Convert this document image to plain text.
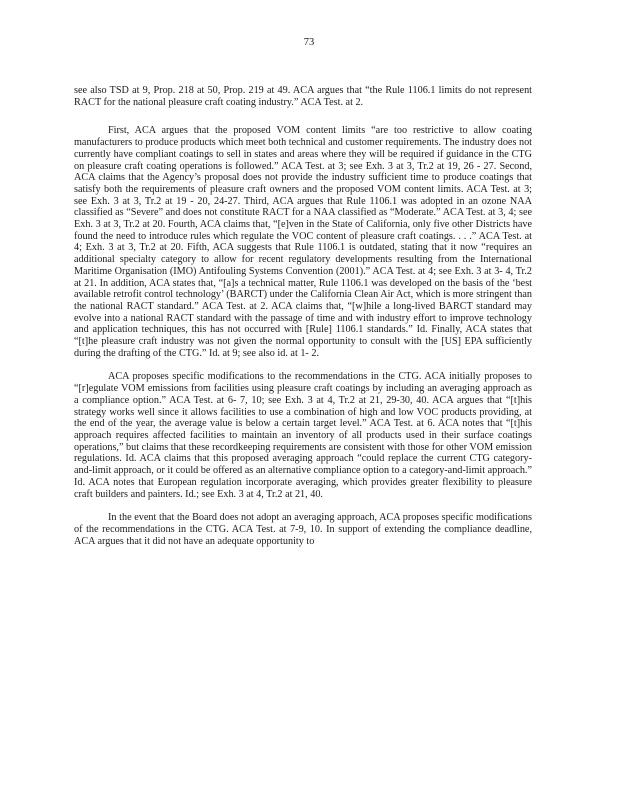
73

see also TSD at 9, Prop. 218 at 50, Prop. 219 at 49. ACA argues that “the Rule 1106.1 limits do not represent RACT for the national pleasure craft coating industry.” ACA Test. at 2.

First, ACA argues that the proposed VOM content limits “are too restrictive to allow coating manufacturers to produce products which meet both technical and customer requirements. The industry does not currently have compliant coatings to sell in states and areas where they will be required if guidance in the CTG on pleasure craft coating operations is followed.” ACA Test. at 3; see Exh. 3 at 3, Tr.2 at 19, 26 - 27. Second, ACA claims that the Agency’s proposal does not provide the industry sufficient time to produce coatings that satisfy both the requirements of pleasure craft owners and the proposed VOM content limits. ACA Test. at 3; see Exh. 3 at 3, Tr.2 at 19 - 20, 24-27. Third, ACA argues that Rule 1106.1 was adopted in an ozone NAA classified as “Severe” and does not constitute RACT for a NAA classified as “Moderate.” ACA Test. at 3, 4; see Exh. 3 at 3, Tr.2 at 20. Fourth, ACA claims that, “[e]ven in the State of California, only five other Districts have found the need to introduce rules which regulate the VOC content of pleasure craft coatings. . . .” ACA Test. at 4; Exh. 3 at 3, Tr.2 at 20. Fifth, ACA suggests that Rule 1106.1 is outdated, stating that it now “requires an additional specialty category to allow for recent regulatory developments resulting from the International Maritime Organisation (IMO) Antifouling Systems Convention (2001).” ACA Test. at 4; see Exh. 3 at 3- 4, Tr.2 at 21. In addition, ACA states that, “[a]s a technical matter, Rule 1106.1 was developed on the basis of the ‘best available retrofit control technology’ (BARCT) under the California Clean Air Act, which is more stringent than the national RACT standard.” ACA Test. at 2. ACA claims that, “[w]hile a long-lived BARCT standard may evolve into a national RACT standard with the passage of time and with industry effort to improve technology and application techniques, this has not occurred with [Rule] 1106.1 standards.” Id. Finally, ACA states that “[t]he pleasure craft industry was not given the normal opportunity to consult with the [US] EPA sufficiently during the drafting of the CTG.” Id. at 9; see also id. at 1- 2.

ACA proposes specific modifications to the recommendations in the CTG. ACA initially proposes to “[r]egulate VOM emissions from facilities using pleasure craft coatings by including an averaging approach as a compliance option.” ACA Test. at 6- 7, 10; see Exh. 3 at 4, Tr.2 at 21, 29-30, 40. ACA argues that “[t]his strategy works well since it allows facilities to use a combination of high and low VOC products providing, at the end of the year, the average value is below a certain target level.” ACA Test. at 6. ACA notes that “[t]his approach requires affected facilities to maintain an inventory of all products used in their surface coatings operations,” but claims that these recordkeeping requirements are consistent with those for other VOM emission regulations. Id. ACA claims that this proposed averaging approach “could replace the current CTG category-and-limit approach, or it could be offered as an alternative compliance option to a category-and-limit approach.” Id. ACA notes that European regulation incorporate averaging, which provides greater flexibility to pleasure craft builders and painters. Id.; see Exh. 3 at 4, Tr.2 at 21, 40.

In the event that the Board does not adopt an averaging approach, ACA proposes specific modifications of the recommendations in the CTG. ACA Test. at 7-9, 10. In support of extending the compliance deadline, ACA argues that it did not have an adequate opportunity to
